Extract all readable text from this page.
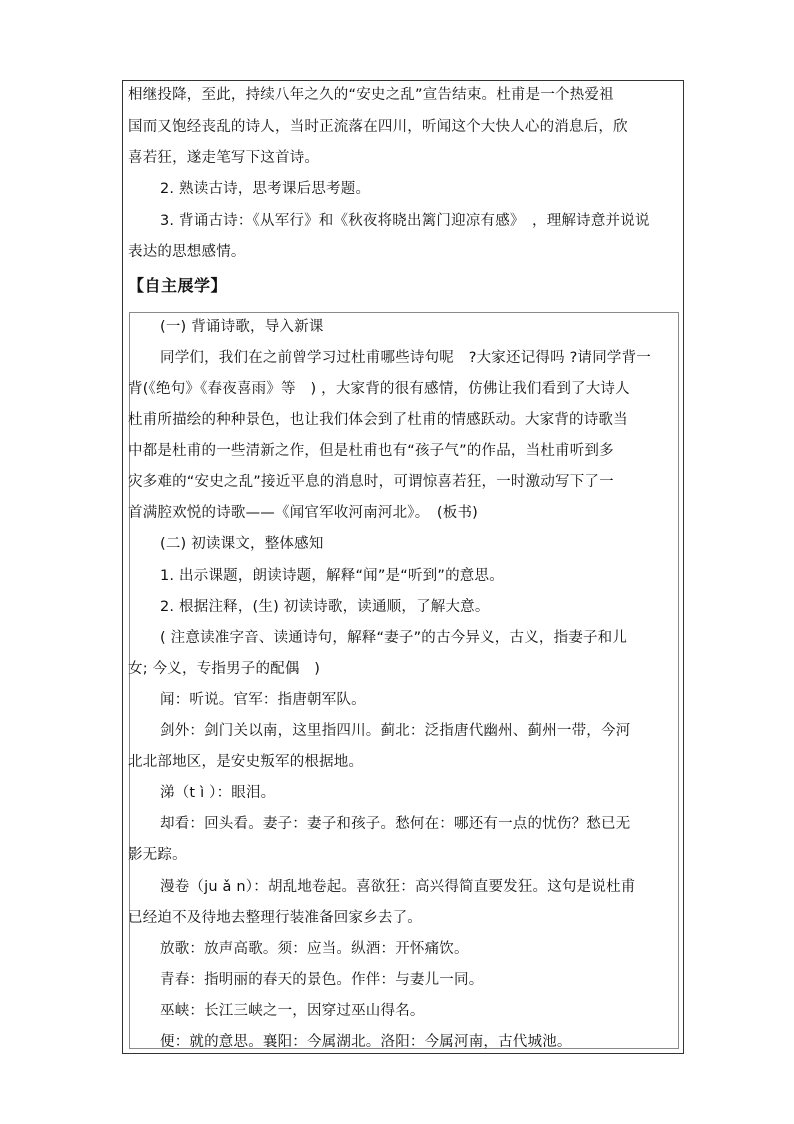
相继投降，至此，持续八年之久的“安史之乱”宣告结束。杜甫是一个热爱祖
国而又饱经丧乱的诗人，当时正流落在四川，听闻这个大快人心的消息后，欣
喜若狂，遂走笔写下这首诗。
2. 熟读古诗，思考课后思考题。
3. 背诵古诗：《从军行》和《秋夜将晓出篱门迎凉有感》　，理解诗意并说说
表达的思想感情。
【自主展学】
(一) 背诵诗歌，导入新课
同学们，我们在之前曾学习过杜甫哪些诗句呢　?大家还记得吗 ?请同学背一
背(《绝句》《春夜喜雨》等　) ，大家背的很有感情，仿佛让我们看到了大诗人
杜甫所描绘的种种景色，也让我们体会到了杜甫的情感跃动。大家背的诗歌当
中都是杜甫的一些清新之作，但是杜甫也有“孩子气”的作品，当杜甫听到多
灾多难的“安史之乱”接近平息的消息时，可谓惊喜若狂，一时激动写下了一
首满腔欢悦的诗歌——《闻官军收河南河北》。　(板书)
(二) 初读课文，整体感知
1. 出示课题，朗读诗题，解释“闻”是“听到”的意思。
2. 根据注释，(生) 初读诗歌，读通顺，了解大意。
( 注意读准字音、读通诗句，解释“妻子”的古今异义，古义，指妻子和儿
女; 今义，专指男子的配偶　)
闻：听说。官军：指唐朝军队。
剑外：剑门关以南，这里指四川。蓟北：泛指唐代幽州、蓟州一带，今河
北北部地区，是安史叛军的根据地。
涕（t ì ）：眼泪。
却看：回头看。妻子：妻子和孩子。愁何在：哪还有一点的忧伤？愁已无
影无踪。
漫卷（ju ǎ n）：胡乱地卷起。喜欲狂：高兴得简直要发狂。这句是说杜甫
已经迫不及待地去整理行装准备回家乡去了。
放歌：放声高歌。须：应当。纵酒：开怀痛饮。
青春：指明丽的春天的景色。作伴：与妻儿一同。
巫峡：长江三峡之一，因穿过巫山得名。
便：就的意思。襄阳：今属湖北。洛阳：今属河南，古代城池。
